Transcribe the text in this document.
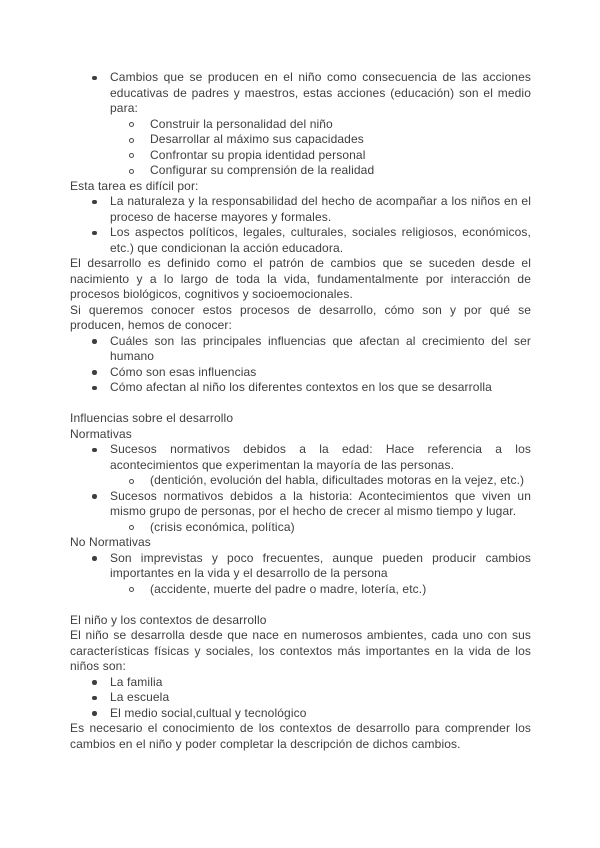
Cambios que se producen en el niño como consecuencia de las acciones educativas de padres y maestros, estas acciones (educación) son el medio para:
Construir la personalidad del niño
Desarrollar al máximo sus capacidades
Confrontar su propia identidad personal
Configurar su comprensión de la realidad
Esta tarea es difícil por:
La naturaleza y la responsabilidad del hecho de acompañar a los niños en el proceso de hacerse mayores y formales.
Los aspectos políticos, legales, culturales, sociales religiosos, económicos, etc.) que condicionan la acción educadora.
El desarrollo es definido como el patrón de cambios que se suceden desde el nacimiento y a lo largo de toda la vida, fundamentalmente por interacción de procesos biológicos, cognitivos y socioemocionales.
Si queremos conocer estos procesos de desarrollo, cómo son y por qué se producen, hemos de conocer:
Cuáles son las principales influencias que afectan al crecimiento del ser humano
Cómo son esas influencias
Cómo afectan al niño los diferentes contextos en los que se desarrolla
Influencias sobre el desarrollo
Normativas
Sucesos normativos debidos a la edad: Hace referencia a los acontecimientos que experimentan la mayoría de las personas.
(dentición, evolución del habla, dificultades motoras en la vejez, etc.)
Sucesos normativos debidos a la historia: Acontecimientos que viven un mismo grupo de personas, por el hecho de crecer al mismo tiempo y lugar.
(crisis económica, política)
No Normativas
Son imprevistas y poco frecuentes, aunque pueden producir cambios importantes en la vida y el desarrollo de la persona
(accidente, muerte del padre o madre, lotería, etc.)
El niño y los contextos de desarrollo
El niño se desarrolla desde que nace en numerosos ambientes, cada uno con sus características físicas y sociales, los contextos más importantes en la vida de los niños son:
La familia
La escuela
El medio social,cultual y tecnológico
Es necesario el conocimiento de los contextos de desarrollo para comprender los cambios en el niño y poder completar la descripción de dichos cambios.
